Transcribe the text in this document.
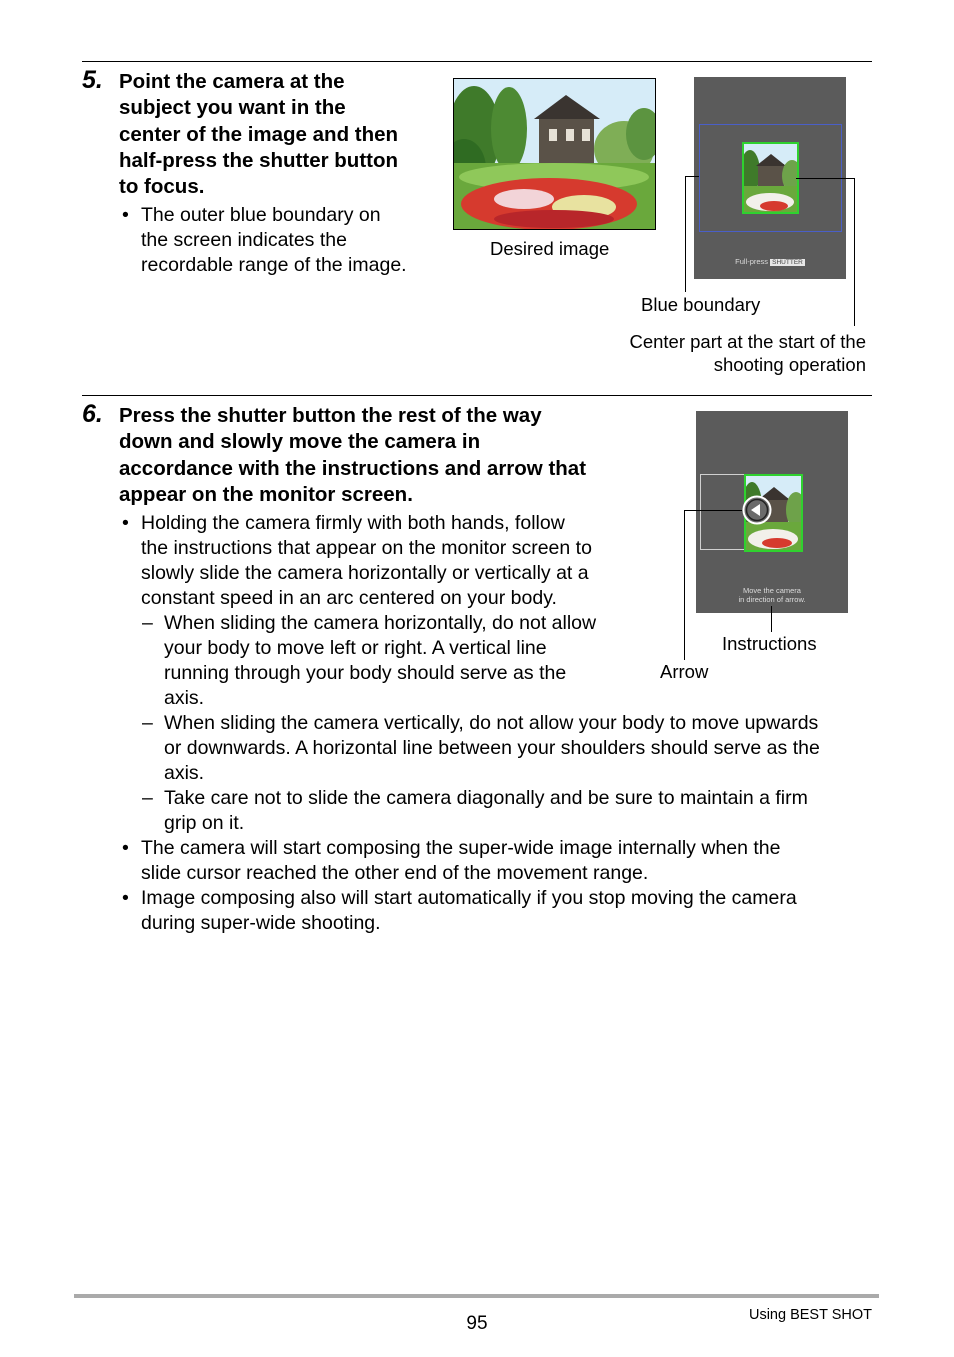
5. Point the camera at the
subject you want in the
center of the image and then
half-press the shutter button
to focus.
• The outer blue boundary on
the screen indicates the
recordable range of the image.
Desired image
Full-press SHUTTER
Blue boundary
Center part at the start of the
shooting operation
6. Press the shutter button the rest of the way
down and slowly move the camera in
accordance with the instructions and arrow that
appear on the monitor screen.
• Holding the camera firmly with both hands, follow
the instructions that appear on the monitor screen to
slowly slide the camera horizontally or vertically at a
constant speed in an arc centered on your body.
– When sliding the camera horizontally, do not allow
your body to move left or right. A vertical line
running through your body should serve as the
axis.
– When sliding the camera vertically, do not allow your body to move upwards
or downwards. A horizontal line between your shoulders should serve as the
axis.
– Take care not to slide the camera diagonally and be sure to maintain a firm
grip on it.
• The camera will start composing the super-wide image internally when the
slide cursor reached the other end of the movement range.
• Image composing also will start automatically if you stop moving the camera
during super-wide shooting.
Move the camera
in direction of arrow.
Instructions
Arrow
95	Using BEST SHOT
